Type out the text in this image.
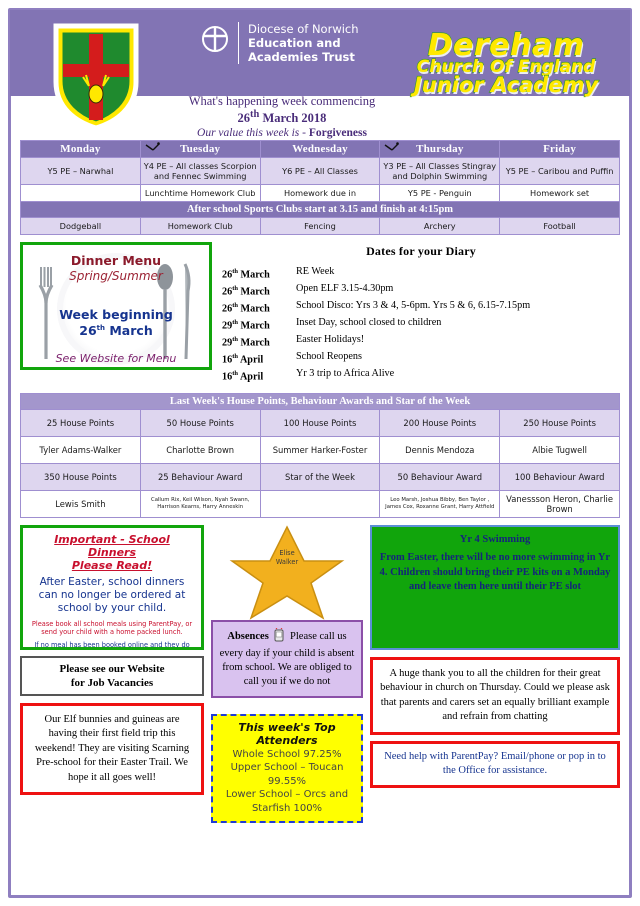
Diocese of Norwich
Education and
Academies Trust	Dereham
Church Of England
Junior Academy
What's happening week commencing
26th March 2018
Our value this week is - Forgiveness
Monday	Tuesday	Wednesday	Thursday	Friday
Y5 PE – Narwhal	Y4 PE – All classes Scorpion and Fennec Swimming	Y6 PE – All Classes	Y3 PE – All Classes Stingray and Dolphin Swimming	Y5 PE – Caribou and Puffin
	Lunchtime Homework Club	Homework due in	Y5 PE - Penguin	Homework set
After school Sports Clubs start at 3.15 and finish at 4:15pm				
Dodgeball	Homework Club	Fencing	Archery	Football
Dinner Menu
Spring/Summer
Week beginning
26th March
See Website for Menu
Dates for your Diary
26th March	RE Week
26th March	Open ELF 3.15-4.30pm
26th March	School Disco: Yrs 3 & 4, 5-6pm. Yrs 5 & 6, 6.15-7.15pm
29th March	Inset Day, school closed to children
29th March	Easter Holidays!
16th April	School Reopens
16th April	Yr 3 trip to Africa Alive
Last Week's House Points, Behaviour Awards and Star of the Week				
25 House Points	50 House Points	100 House Points	200 House Points	250 House Points
Tyler Adams-Walker	Charlotte Brown	Summer Harker-Foster	Dennis Mendoza	Albie Tugwell
350 House Points	25 Behaviour Award	Star of the Week	50 Behaviour Award	100 Behaviour Award
Lewis Smith	Callum Rix, Keil Wilson, Nyah Swann, Harrison Kearns, Harry Anneskin		Leo Marsh, Joshua Bibby, Ben Taylor , James Cox, Roxanne Grant, Harry Attfield	Vanessson Heron, Charlie Brown
Important - School Dinners
Please Read!
After Easter, school dinners can no longer be ordered at school by your child.
Please book all school meals using ParentPay, or send your child with a home packed lunch.
If no meal has been booked online and they do
Please see our Website
for Job Vacancies
Our Elf bunnies and guineas are having their first field trip this weekend! They are visiting Scarning Pre-school for their Easter Trail. We hope it all goes well!
Elise
Walker
Absences Please call us every day if your child is absent from school. We are obliged to call you if we do not
This week's Top
Attenders
Whole School 97.25%
Upper School – Toucan 99.55%
Lower School – Orcs and Starfish 100%
Yr 4 Swimming
From Easter, there will be no more swimming in Yr 4. Children should bring their PE kits on a Monday and leave them here until their PE slot
A huge thank you to all the children for their great behaviour in church on Thursday. Could we please ask that parents and carers set an equally brilliant example and refrain from chatting
Need help with ParentPay? Email/phone or pop in to the Office for assistance.
